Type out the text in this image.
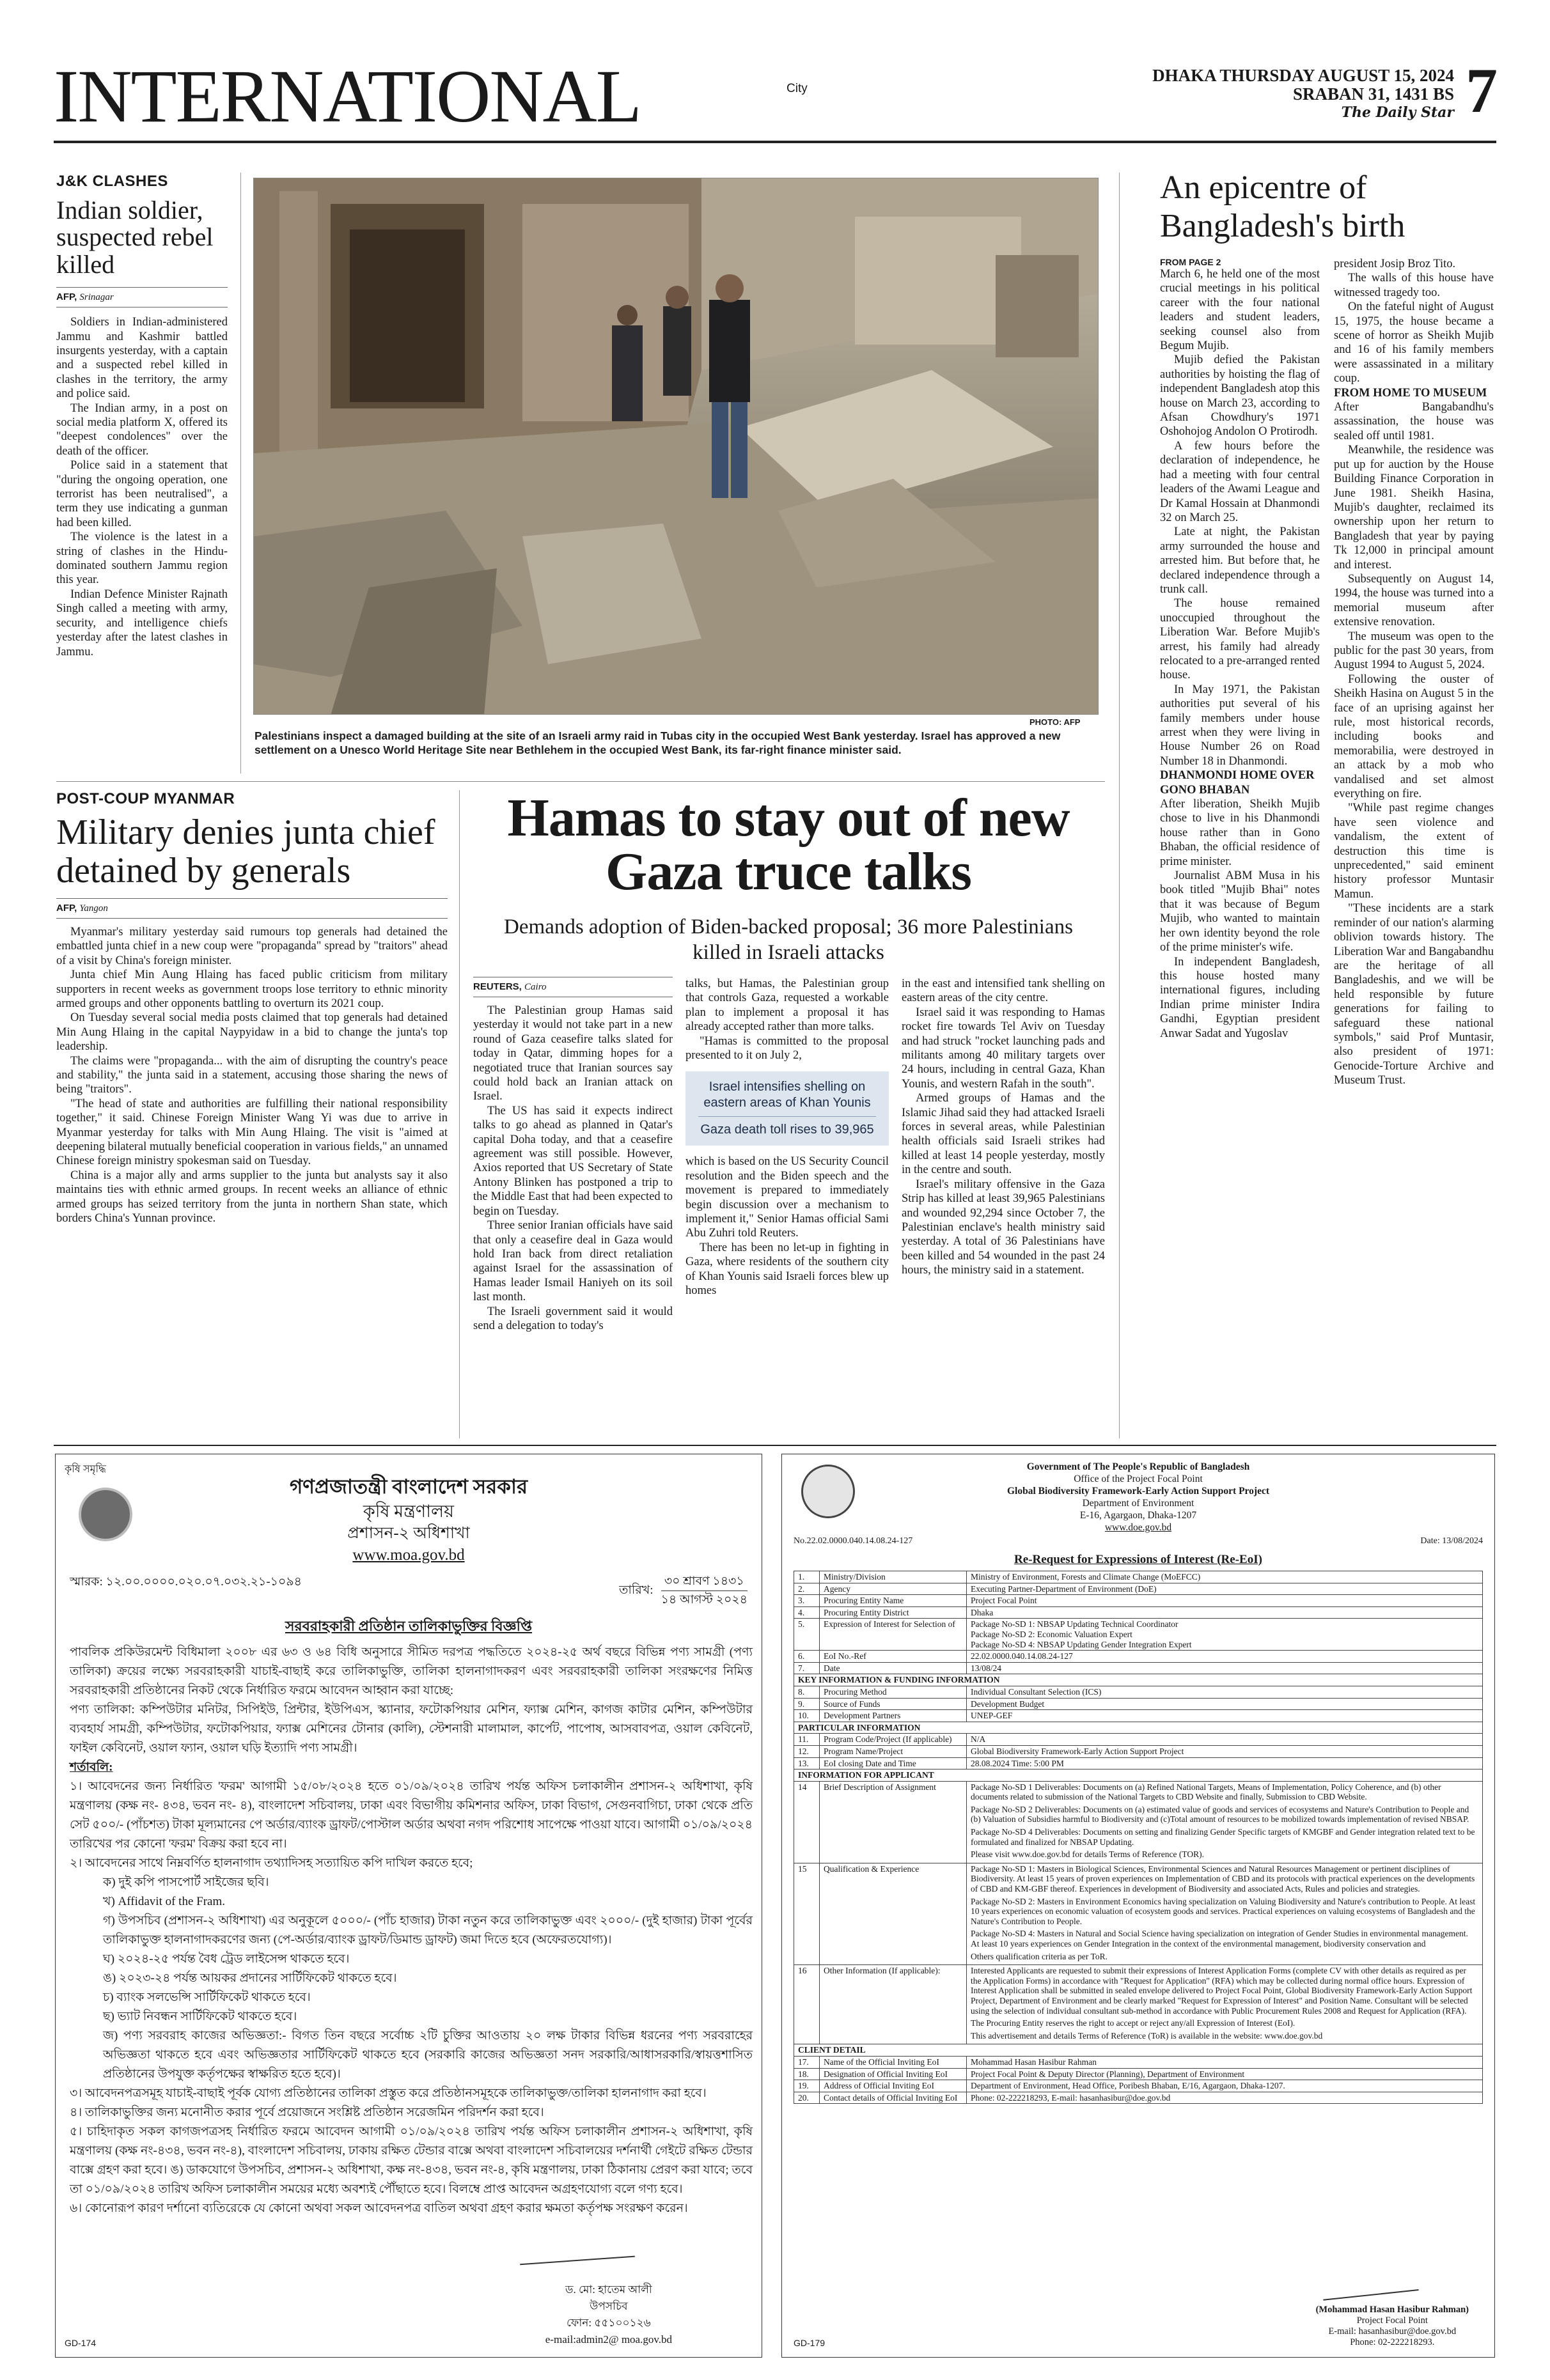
INTERNATIONAL	City
DHAKA THURSDAY AUGUST 15, 2024
SRABAN 31, 1431 BS
The Daily Star 7
J&K CLASHES
Indian soldier, suspected rebel killed
AFP, Srinagar

Soldiers in Indian-administered Jammu and Kashmir battled insurgents yesterday, with a captain and a suspected rebel killed in clashes in the territory, the army and police said.

The Indian army, in a post on social media platform X, offered its "deepest condolences" over the death of the officer.

Police said in a statement that "during the ongoing operation, one terrorist has been neutralised", a term they use indicating a gunman had been killed.

The violence is the latest in a string of clashes in the Hindu-dominated southern Jammu region this year.

Indian Defence Minister Rajnath Singh called a meeting with army, security, and intelligence chiefs yesterday after the latest clashes in Jammu.

PHOTO: AFP
Palestinians inspect a damaged building at the site of an Israeli army raid in Tubas city in the occupied West Bank yesterday. Israel has approved a new settlement on a Unesco World Heritage Site near Bethlehem in the occupied West Bank, its far-right finance minister said.
POST-COUP MYANMAR
Military denies junta chief detained by generals
AFP, Yangon

Myanmar's military yesterday said rumours top generals had detained the embattled junta chief in a new coup were "propaganda" spread by "traitors" ahead of a visit by China's foreign minister.

Junta chief Min Aung Hlaing has faced public criticism from military supporters in recent weeks as government troops lose territory to ethnic minority armed groups and other opponents battling to overturn its 2021 coup.

On Tuesday several social media posts claimed that top generals had detained Min Aung Hlaing in the capital Naypyidaw in a bid to change the junta's top leadership.

The claims were "propaganda... with the aim of disrupting the country's peace and stability," the junta said in a statement, accusing those sharing the news of being "traitors".

"The head of state and authorities are fulfilling their national responsibility together," it said. Chinese Foreign Minister Wang Yi was due to arrive in Myanmar yesterday for talks with Min Aung Hlaing. The visit is "aimed at deepening bilateral mutually beneficial cooperation in various fields," an unnamed Chinese foreign ministry spokesman said on Tuesday.

China is a major ally and arms supplier to the junta but analysts say it also maintains ties with ethnic armed groups. In recent weeks an alliance of ethnic armed groups has seized territory from the junta in northern Shan state, which borders China's Yunnan province.

Hamas to stay out of new Gaza truce talks
Demands adoption of Biden-backed proposal; 36 more Palestinians killed in Israeli attacks
REUTERS, Cairo

The Palestinian group Hamas said yesterday it would not take part in a new round of Gaza ceasefire talks slated for today in Qatar, dimming hopes for a negotiated truce that Iranian sources say could hold back an Iranian attack on Israel.

The US has said it expects indirect talks to go ahead as planned in Qatar's capital Doha today, and that a ceasefire agreement was still possible. However, Axios reported that US Secretary of State Antony Blinken has postponed a trip to the Middle East that had been expected to begin on Tuesday.

Three senior Iranian officials have said that only a ceasefire deal in Gaza would hold Iran back from direct retaliation against Israel for the assassination of Hamas leader Ismail Haniyeh on its soil last month.

The Israeli government said it would send a delegation to today's

talks, but Hamas, the Palestinian group that controls Gaza, requested a workable plan to implement a proposal it has already accepted rather than more talks.

"Hamas is committed to the proposal presented to it on July 2,

Israel intensifies shelling on eastern areas of Khan Younis
Gaza death toll rises to 39,965

which is based on the US Security Council resolution and the Biden speech and the movement is prepared to immediately begin discussion over a mechanism to implement it," Senior Hamas official Sami Abu Zuhri told Reuters.

There has been no let-up in fighting in Gaza, where residents of the southern city of Khan Younis said Israeli forces blew up homes

in the east and intensified tank shelling on eastern areas of the city centre.

Israel said it was responding to Hamas rocket fire towards Tel Aviv on Tuesday and had struck "rocket launching pads and militants among 40 military targets over 24 hours, including in central Gaza, Khan Younis, and western Rafah in the south".

Armed groups of Hamas and the Islamic Jihad said they had attacked Israeli forces in several areas, while Palestinian health officials said Israeli strikes had killed at least 14 people yesterday, mostly in the centre and south.

Israel's military offensive in the Gaza Strip has killed at least 39,965 Palestinians and wounded 92,294 since October 7, the Palestinian enclave's health ministry said yesterday. A total of 36 Palestinians have been killed and 54 wounded in the past 24 hours, the ministry said in a statement.

An epicentre of Bangladesh's birth
FROM PAGE 2

March 6, he held one of the most crucial meetings in his political career with the four national leaders and student leaders, seeking counsel also from Begum Mujib.

Mujib defied the Pakistan authorities by hoisting the flag of independent Bangladesh atop this house on March 23, according to Afsan Chowdhury's 1971 Oshohojog Andolon O Protirodh.

A few hours before the declaration of independence, he had a meeting with four central leaders of the Awami League and Dr Kamal Hossain at Dhanmondi 32 on March 25.

Late at night, the Pakistan army surrounded the house and arrested him. But before that, he declared independence through a trunk call.

The house remained unoccupied throughout the Liberation War. Before Mujib's arrest, his family had already relocated to a pre-arranged rented house.

In May 1971, the Pakistan authorities put several of his family members under house arrest when they were living in House Number 26 on Road Number 18 in Dhanmondi.

DHANMONDI HOME OVER GONO BHABAN

After liberation, Sheikh Mujib chose to live in his Dhanmondi house rather than in Gono Bhaban, the official residence of prime minister.

Journalist ABM Musa in his book titled "Mujib Bhai" notes that it was because of Begum Mujib, who wanted to maintain her own identity beyond the role of the prime minister's wife.

In independent Bangladesh, this house hosted many international figures, including Indian prime minister Indira Gandhi, Egyptian president Anwar Sadat and Yugoslav

president Josip Broz Tito.

The walls of this house have witnessed tragedy too.

On the fateful night of August 15, 1975, the house became a scene of horror as Sheikh Mujib and 16 of his family members were assassinated in a military coup.

FROM HOME TO MUSEUM

After Bangabandhu's assassination, the house was sealed off until 1981.

Meanwhile, the residence was put up for auction by the House Building Finance Corporation in June 1981. Sheikh Hasina, Mujib's daughter, reclaimed its ownership upon her return to Bangladesh that year by paying Tk 12,000 in principal amount and interest.

Subsequently on August 14, 1994, the house was turned into a memorial museum after extensive renovation.

The museum was open to the public for the past 30 years, from August 1994 to August 5, 2024.

Following the ouster of Sheikh Hasina on August 5 in the face of an uprising against her rule, most historical records, including books and memorabilia, were destroyed in an attack by a mob who vandalised and set almost everything on fire.

"While past regime changes have seen violence and vandalism, the extent of destruction this time is unprecedented," said eminent history professor Muntasir Mamun.

"These incidents are a stark reminder of our nation's alarming oblivion towards history. The Liberation War and Bangabandhu are the heritage of all Bangladeshis, and we will be held responsible by future generations for failing to safeguard these national symbols," said Prof Muntasir, also president of 1971: Genocide-Torture Archive and Museum Trust.

কৃষি সমৃদ্ধি
গণপ্রজাতন্ত্রী বাংলাদেশ সরকার
কৃষি মন্ত্রণালয়
প্রশাসন-২ অধিশাখা
www.moa.gov.bd
স্মারক: ১২.০০.০০০০.০২০.০৭.০৩২.২১-১০৯৪
তারিখ:
৩০ শ্রাবণ ১৪৩১
১৪ আগস্ট ২০২৪
সরবরাহকারী প্রতিষ্ঠান তালিকাভুক্তির বিজ্ঞপ্তি
পাবলিক প্রকিউরমেন্ট বিধিমালা ২০০৮ এর ৬৩ ও ৬৪ বিধি অনুসারে সীমিত দরপত্র পদ্ধতিতে ২০২৪-২৫ অর্থ বছরে বিভিন্ন পণ্য সামগ্রী (পণ্য তালিকা) ক্রয়ের লক্ষ্যে সরবরাহকারী যাচাই-বাছাই করে তালিকাভুক্তি, তালিকা হালনাগাদকরণ এবং সরবরাহকারী তালিকা সংরক্ষণের নিমিত্ত সরবরাহকারী প্রতিষ্ঠানের নিকট থেকে নির্ধারিত ফরমে আবেদন আহ্বান করা যাচ্ছে:
পণ্য তালিকা: কম্পিউটার মনিটর, সিপিইউ, প্রিন্টার, ইউপিএস, স্ক্যানার, ফটোকপিয়ার মেশিন, ফ্যাক্স মেশিন, কাগজ কাটার মেশিন, কম্পিউটার ব্যবহার্য সামগ্রী, কম্পিউটার, ফটোকপিয়ার, ফ্যাক্স মেশিনের টোনার (কালি), স্টেশনারী মালামাল, কার্পেট, পাপোষ, আসবাবপত্র, ওয়াল কেবিনেট, ফাইল কেবিনেট, ওয়াল ফ্যান, ওয়াল ঘড়ি ইত্যাদি পণ্য সামগ্রী।
শর্তাবলি:
১। আবেদনের জন্য নির্ধারিত 'ফরম' আগামী ১৫/০৮/২০২৪ হতে ০১/০৯/২০২৪ তারিখ পর্যন্ত অফিস চলাকালীন প্রশাসন-২ অধিশাখা, কৃষি মন্ত্রণালয় (কক্ষ নং- ৪৩৪, ভবন নং- ৪), বাংলাদেশ সচিবালয়, ঢাকা এবং বিভাগীয় কমিশনার অফিস, ঢাকা বিভাগ, সেগুনবাগিচা, ঢাকা থেকে প্রতি সেট ৫০০/- (পাঁচশত) টাকা মূল্যমানের পে অর্ডার/ব্যাংক ড্রাফট/পোস্টাল অর্ডার অথবা নগদ পরিশোধ সাপেক্ষে পাওয়া যাবে। আগামী ০১/০৯/২০২৪ তারিখের পর কোনো 'ফরম' বিক্রয় করা হবে না।
২। আবেদনের সাথে নিম্নবর্ণিত হালনাগাদ তথ্যাদিসহ সত্যায়িত কপি দাখিল করতে হবে;
ক) দুই কপি পাসপোর্ট সাইজের ছবি।
খ) Affidavit of the Fram.
গ) উপসচিব (প্রশাসন-২ অধিশাখা) এর অনুকূলে ৫০০০/- (পাঁচ হাজার) টাকা নতুন করে তালিকাভুক্ত এবং ২০০০/- (দুই হাজার) টাকা পূর্বের তালিকাভুক্ত হালনাগাদকরণের জন্য (পে-অর্ডার/ব্যাংক ড্রাফট/ডিমান্ড ড্রাফট) জমা দিতে হবে (অফেরতযোগ্য)।
ঘ) ২০২৪-২৫ পর্যন্ত বৈধ ট্রেড লাইসেন্স থাকতে হবে।
ঙ) ২০২৩-২৪ পর্যন্ত আয়কর প্রদানের সার্টিফিকেট থাকতে হবে।
চ) ব্যাংক সলভেন্সি সার্টিফিকেট থাকতে হবে।
ছ) ভ্যাট নিবন্ধন সার্টিফিকেট থাকতে হবে।
জ) পণ্য সরবরাহ কাজের অভিজ্ঞতা:- বিগত তিন বছরে সর্বোচ্চ ২টি চুক্তির আওতায় ২০ লক্ষ টাকার বিভিন্ন ধরনের পণ্য সরবরাহের অভিজ্ঞতা থাকতে হবে এবং অভিজ্ঞতার সার্টিফিকেট থাকতে হবে (সরকারি কাজের অভিজ্ঞতা সনদ সরকারি/আধাসরকারি/স্বায়ত্তশাসিত প্রতিষ্ঠানের উপযুক্ত কর্তৃপক্ষের স্বাক্ষরিত হতে হবে)।
৩। আবেদনপত্রসমূহ যাচাই-বাছাই পূর্বক যোগ্য প্রতিষ্ঠানের তালিকা প্রস্তুত করে প্রতিষ্ঠানসমূহকে তালিকাভুক্ত/তালিকা হালনাগাদ করা হবে।
৪। তালিকাভুক্তির জন্য মনোনীত করার পূর্বে প্রয়োজনে সংশ্লিষ্ট প্রতিষ্ঠান সরেজমিন পরিদর্শন করা হবে।
৫। চাহিদাকৃত সকল কাগজপত্রসহ নির্ধারিত ফরমে আবেদন আগামী ০১/০৯/২০২৪ তারিখ পর্যন্ত অফিস চলাকালীন প্রশাসন-২ অধিশাখা, কৃষি মন্ত্রণালয় (কক্ষ নং-৪৩৪, ভবন নং-৪), বাংলাদেশ সচিবালয়, ঢাকায় রক্ষিত টেন্ডার বাক্সে অথবা বাংলাদেশ সচিবালয়ের দর্শনার্থী গেইটে রক্ষিত টেন্ডার বাক্সে গ্রহণ করা হবে। ঙ) ডাকযোগে উপসচিব, প্রশাসন-২ অধিশাখা, কক্ষ নং-৪৩৪, ভবন নং-৪, কৃষি মন্ত্রণালয়, ঢাকা ঠিকানায় প্রেরণ করা যাবে; তবে তা ০১/০৯/২০২৪ তারিখ অফিস চলাকালীন সময়ের মধ্যে অবশ্যই পৌঁছাতে হবে। বিলম্বে প্রাপ্ত আবেদন অগ্রহণযোগ্য বলে গণ্য হবে।
৬। কোনোরূপ কারণ দর্শানো ব্যতিরেকে যে কোনো অথবা সকল আবেদনপত্র বাতিল অথবা গ্রহণ করার ক্ষমতা কর্তৃপক্ষ সংরক্ষণ করেন।
ড. মো: হাতেম আলী
উপসচিব
ফোন: ৫৫১০০১২৬
e-mail:admin2@ moa.gov.bd
GD-174
Government of The People's Republic of Bangladesh
Office of the Project Focal Point
Global Biodiversity Framework-Early Action Support Project
Department of Environment
E-16, Agargaon, Dhaka-1207
www.doe.gov.bd
No.22.02.0000.040.14.08.24-127	Date: 13/08/2024
Re-Request for Expressions of Interest (Re-EoI)
1.	Ministry/Division	Ministry of Environment, Forests and Climate Change (MoEFCC)
2.	Agency	Executing Partner-Department of Environment (DoE)
3.	Procuring Entity Name	Project Focal Point
4.	Procuring Entity District	Dhaka
5.	Expression of Interest for Selection of	Package No-SD 1: NBSAP Updating Technical Coordinator
Package No-SD 2: Economic Valuation Expert
Package No-SD 4: NBSAP Updating Gender Integration Expert
6.	EoI No.-Ref	22.02.0000.040.14.08.24-127
7.	Date	13/08/24
KEY INFORMATION & FUNDING INFORMATION		
8.	Procuring Method	Individual Consultant Selection (ICS)
9.	Source of Funds	Development Budget
10.	Development Partners	UNEP-GEF
PARTICULAR INFORMATION		
11.	Program Code/Project (If applicable)	N/A
12.	Program Name/Project	Global Biodiversity Framework-Early Action Support Project
13.	EoI closing Date and Time	28.08.2024 Time: 5:00 PM
INFORMATION FOR APPLICANT		
14	Brief Description of Assignment	Package No-SD 1 Deliverables: Documents on (a) Refined National Targets, Means of Implementation, Policy Coherence, and (b) other documents related to submission of the National Targets to CBD Website and finally, Submission to CBD Website.
Package No-SD 2 Deliverables: Documents on (a) estimated value of goods and services of ecosystems and Nature's Contribution to People and (b) Valuation of Subsidies harmful to Biodiversity and (c)Total amount of resources to be mobilized towards implementation of revised NBSAP.
Package No-SD 4 Deliverables: Documents on setting and finalizing Gender Specific targets of KMGBF and Gender integration related text to be formulated and finalized for NBSAP Updating.
Please visit www.doe.gov.bd for details Terms of Reference (TOR).

15	Qualification & Experience	Package No-SD 1: Masters in Biological Sciences, Environmental Sciences and Natural Resources Management or pertinent disciplines of Biodiversity. At least 15 years of proven experiences on Implementation of CBD and its protocols with practical experiences on the developments of CBD and KM-GBF thereof. Experiences in development of Biodiversity and associated Acts, Rules and policies and strategies.
Package No-SD 2: Masters in Environment Economics having specialization on Valuing Biodiversity and Nature's contribution to People. At least 10 years experiences on economic valuation of ecosystem goods and services. Practical experiences on valuing ecosystems of Bangladesh and the Nature's Contribution to People.
Package No-SD 4: Masters in Natural and Social Science having specialization on integration of Gender Studies in environmental management. At least 10 years experiences on Gender Integration in the context of the environmental management, biodiversity conservation and
Others qualification criteria as per ToR.

16	Other Information (If applicable):	Interested Applicants are requested to submit their expressions of Interest Application Forms (complete CV with other details as required as per the Application Forms) in accordance with "Request for Application" (RFA) which may be collected during normal office hours. Expression of Interest Application shall be submitted in sealed envelope delivered to Project Focal Point, Global Biodiversity Framework-Early Action Support Project, Department of Environment and be clearly marked "Request for Expression of Interest" and Position Name. Consultant will be selected using the selection of individual consultant sub-method in accordance with Public Procurement Rules 2008 and Request for Application (RFA).
The Procuring Entity reserves the right to accept or reject any/all Expression of Interest (EoI).
This advertisement and details Terms of Reference (ToR) is available in the website: www.doe.gov.bd

CLIENT DETAIL		
17.	Name of the Official Inviting EoI	Mohammad Hasan Hasibur Rahman
18.	Designation of Official Inviting EoI	Project Focal Point & Deputy Director (Planning), Department of Environment
19.	Address of Official Inviting EoI	Department of Environment, Head Office, Poribesh Bhaban, E/16, Agargaon, Dhaka-1207.
20.	Contact details of Official Inviting EoI	Phone: 02-222218293, E-mail: hasanhasibur@doe.gov.bd
(Mohammad Hasan Hasibur Rahman)
Project Focal Point
E-mail: hasanhasibur@doe.gov.bd
Phone: 02-222218293.
GD-179
